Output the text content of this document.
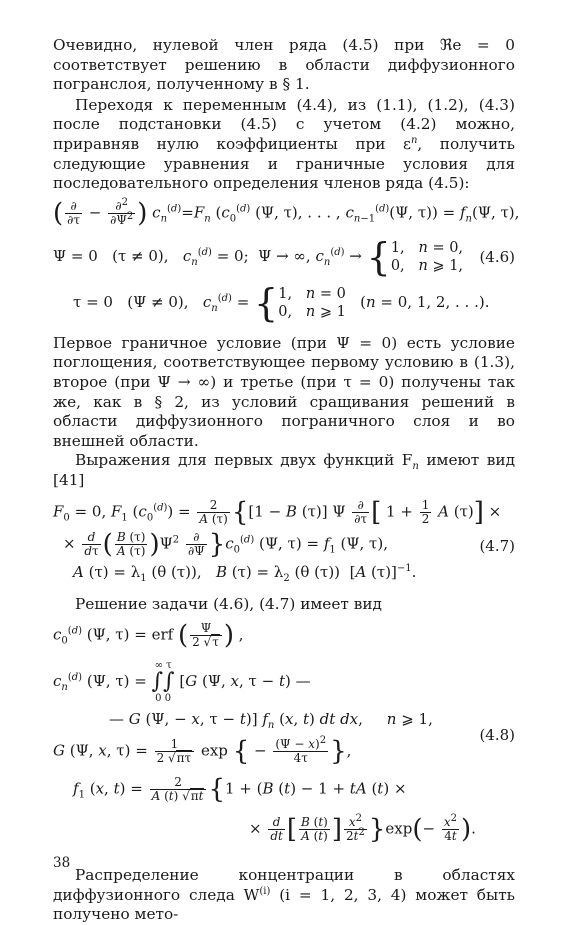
Очевидно, нулевой член ряда (4.5) при ℜe = 0 соответствует решению в области диффузионного погранслоя, полученному в § 1.

Переходя к переменным (4.4), из (1.1), (1.2), (4.3) после подстановки (4.5) с учетом (4.2) можно, приравняв нулю коэффициенты при $\varepsilon^n$, получить следующие уравнения и граничные условия для последовательного определения членов ряда (4.5):

( $\frac{\partial}{\partial\tau} - \frac{\partial^2}{\partial\Psi^2}$ ) $c_n^{(d)}=F_n$ ($c_0^{(d)}$ (Ψ, τ), . . . , $c_{n-1}^{(d)}(\Psi$, $\tau)) = f_n(\Psi$, τ),
Ψ = 0   (τ ≠ 0),   $c_n^{(d)} = 0$;  Ψ → ∞, $c_n^{(d)} \to \{1$,   n = 0,
0,   n ⩾ 1, (4.6)
τ = 0   (Ψ ≠ 0),   $c_n^{(d)} = \{1$,   n = 0
0,   n ⩾ 1   (n = 0, 1, 2, . . .).

Первое граничное условие (при Ψ = 0) есть условие поглощения, соответствующее первому условию в (1.3), второе (при Ψ → ∞) и третье (при τ = 0) получены так же, как в § 2, из условий сращивания решений в области диффузионного пограничного слоя и во внешней области.

Выражения для первых двух функций $F_n$ имеют вид [41]

$F_0 = 0$, $F_1$ $(c_0^{(d)}) = \frac{2}{A (\tau)} \{[1 - B$ (τ)] Ψ $\frac{\partial}{\partial\tau}$ [ $1 + \frac{1}{2}$ A (τ)] ×
× $\frac{d}{d\tau}$ ( $\frac{B (\tau)}{A (\tau)} )\Psi^2 \frac{\partial}{\partial\Psi} \}c_0^{(d)}$ (Ψ, $\tau) = f_1$ (Ψ, τ),	(4.7)
A $(\tau) = \lambda_1$ (θ (τ)),   B $(\tau) = \lambda_2$ (θ (τ))  [A (τ)]$^{-1}$.

Решение задачи (4.6), (4.7) имеет вид

$c_0^{(d)}$ (Ψ, τ) = erf ( $\frac{\Psi}{2 √\tau}$ ) ,
$c_n^{(d)}$ (Ψ, τ) = ∞ τ
∫∫
0 0 [G (Ψ, x, τ − t) —
— G (Ψ, − x, τ − t)] $f_n$ (x, t) dt dx,     n ⩾ 1,
G (Ψ, x, $\tau) = \frac{1}{2 √\pi\tau}$ exp { − $\frac{(\Psi - x)^2}{4\tau}$ },
(4.8)
$f_1$ (x, $t) = \frac{2}{A (t) √\pi t} \{1 + (B$ (t) − 1 + tA (t) ×
× $\frac{d}{dt}$ [ $\frac{B (t)}{A (t)}$ ] $\frac{x^2}{2t^2} \}\exp(- \frac{x^2}{4t}$ ).

Распределение концентрации в областях диффузионного следа $W^{(i)}$ (i = 1, 2, 3, 4) может быть получено мето-

38
